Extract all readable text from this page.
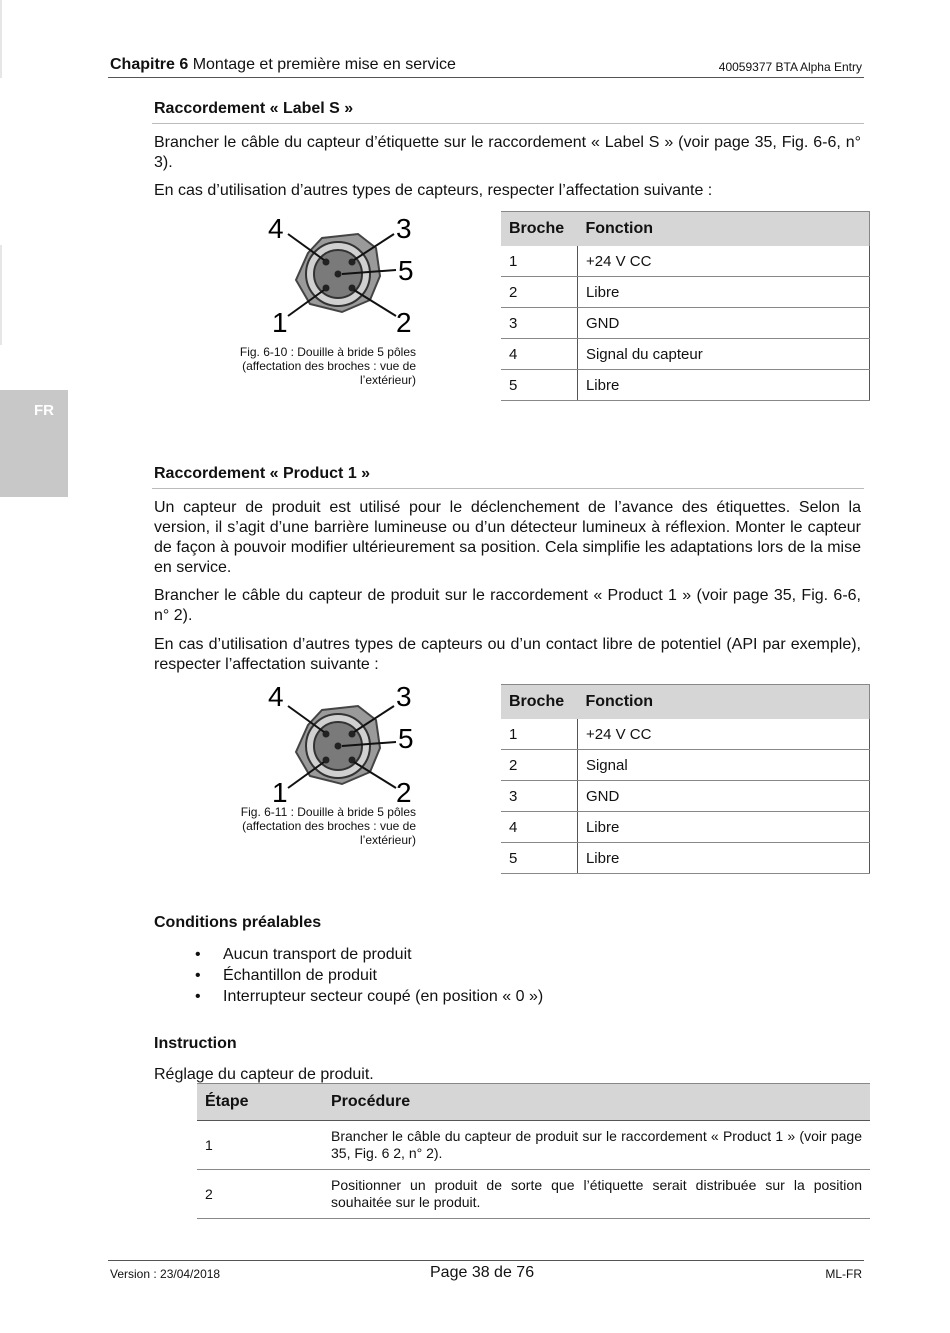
Chapitre 6 Montage et première mise en service	40059377 BTA Alpha Entry
FR
Raccordement « Label S »
Brancher le câble du capteur d’étiquette sur le raccordement « Label S » (voir page 35, Fig. 6-6, n° 3).
En cas d’utilisation d’autres types de capteurs, respecter l’affectation suivante :
4	3
5
1	2
Fig. 6-10 : Douille à bride 5 pôles
(affectation des broches : vue de
l’extérieur)
Broche	Fonction
1	+24 V CC
2	Libre
3	GND
4	Signal du capteur
5	Libre
Raccordement « Product 1 »
Un capteur de produit est utilisé pour le déclenchement de l’avance des étiquettes. Selon la version, il s’agit d’une barrière lumineuse ou d’un détecteur lumineux à réflexion. Monter le capteur de façon à pouvoir modifier ultérieurement sa position. Cela simplifie les adaptations lors de la mise en service.
Brancher le câble du capteur de produit sur le raccordement « Product 1 » (voir page 35, Fig. 6-6, n° 2).
En cas d’utilisation d’autres types de capteurs ou d’un contact libre de potentiel (API par exemple), respecter l’affectation suivante :
4	3
5
1	2
Fig. 6-11 : Douille à bride 5 pôles
(affectation des broches : vue de
l’extérieur)
Broche	Fonction
1	+24 V CC
2	Signal
3	GND
4	Libre
5	Libre
Conditions préalables
• Aucun transport de produit
• Échantillon de produit
• Interrupteur secteur coupé (en position « 0 »)
Instruction
Réglage du capteur de produit.
Étape	Procédure
1	Brancher le câble du capteur de produit sur le raccordement « Product 1 » (voir page 35, Fig. 6 2, n° 2).
2	Positionner un produit de sorte que l’étiquette serait distribuée sur la position souhaitée sur le produit.
Version : 23/04/2018	Page 38 de 76	ML-FR
